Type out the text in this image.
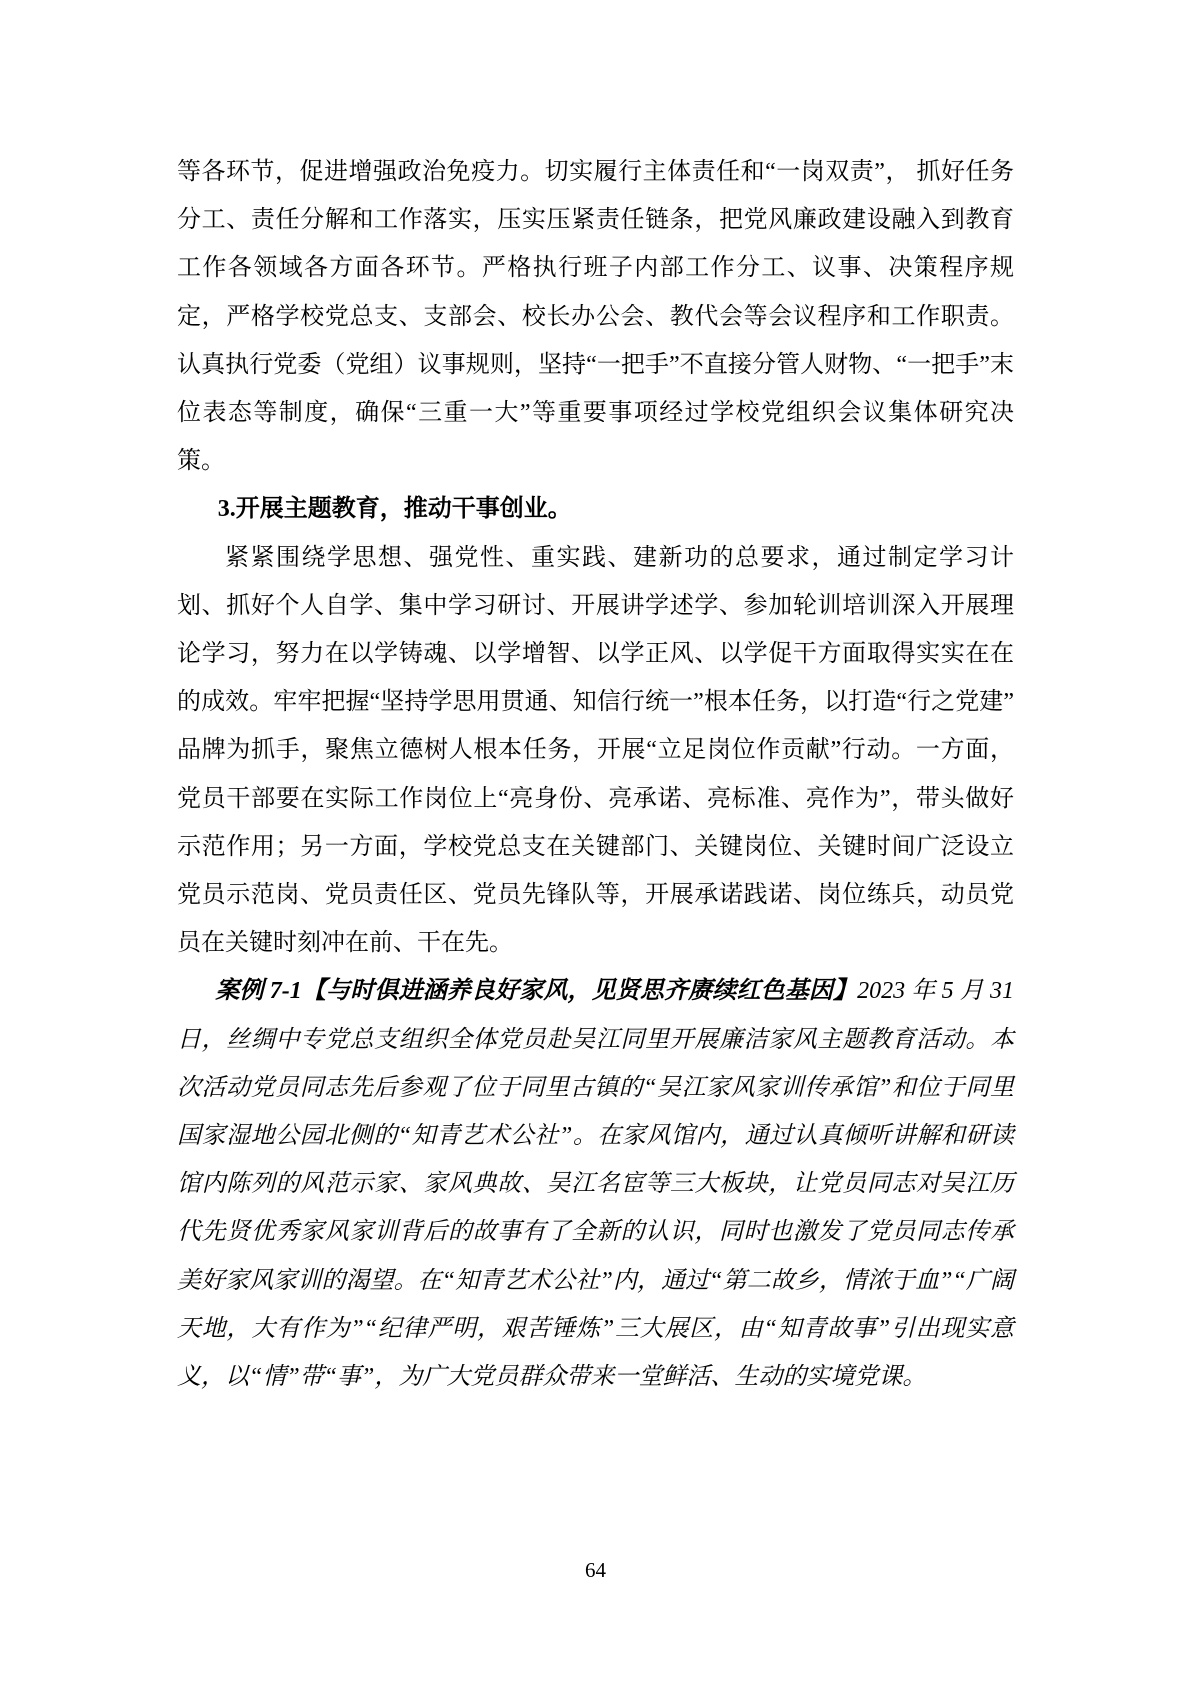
等各环节，促进增强政治免疫力。切实履行主体责任和“一岗双责”， 抓好任务分工、责任分解和工作落实，压实压紧责任链条，把党风廉政建设融入到教育工作各领域各方面各环节。严格执行班子内部工作分工、议事、决策程序规定，严格学校党总支、支部会、校长办公会、教代会等会议程序和工作职责。认真执行党委（党组）议事规则，坚持“一把手”不直接分管人财物、“一把手”末位表态等制度，确保“三重一大”等重要事项经过学校党组织会议集体研究决策。

3.开展主题教育，推动干事创业。

紧紧围绕学思想、强党性、重实践、建新功的总要求，通过制定学习计划、抓好个人自学、集中学习研讨、开展讲学述学、参加轮训培训深入开展理论学习，努力在以学铸魂、以学增智、以学正风、以学促干方面取得实实在在的成效。牢牢把握“坚持学思用贯通、知信行统一”根本任务，以打造“行之党建”品牌为抓手，聚焦立德树人根本任务，开展“立足岗位作贡献”行动。一方面，党员干部要在实际工作岗位上“亮身份、亮承诺、亮标准、亮作为”，带头做好示范作用；另一方面，学校党总支在关键部门、关键岗位、关键时间广泛设立党员示范岗、党员责任区、党员先锋队等，开展承诺践诺、岗位练兵，动员党员在关键时刻冲在前、干在先。

案例 7-1【与时俱进涵养良好家风，见贤思齐赓续红色基因】2023 年 5 月 31 日，丝绸中专党总支组织全体党员赴吴江同里开展廉洁家风主题教育活动。本次活动党员同志先后参观了位于同里古镇的“吴江家风家训传承馆”和位于同里国家湿地公园北侧的“知青艺术公社”。在家风馆内，通过认真倾听讲解和研读馆内陈列的风范示家、家风典故、吴江名宦等三大板块，让党员同志对吴江历代先贤优秀家风家训背后的故事有了全新的认识，同时也激发了党员同志传承美好家风家训的渴望。在“知青艺术公社”内，通过“第二故乡，情浓于血”“广阔天地，大有作为”“纪律严明，艰苦锤炼”三大展区，由“知青故事”引出现实意义，以“情”带“事”，为广大党员群众带来一堂鲜活、生动的实境党课。

64
